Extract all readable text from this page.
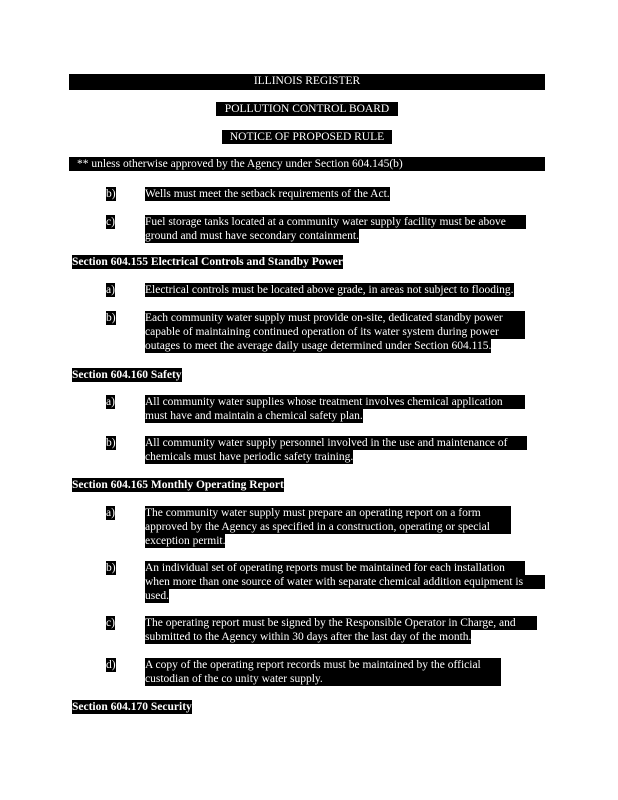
ILLINOIS REGISTER
POLLUTION CONTROL BOARD
NOTICE OF PROPOSED RULE
** unless otherwise approved by the Agency under Section 604.145(b)
b)	Wells must meet the setback requirements of the Act.
c)	Fuel storage tanks located at a community water supply facility must be above
ground and must have secondary containment.
Section 604.155 Electrical Controls and Standby Power
a)	Electrical controls must be located above grade, in areas not subject to flooding.
b)	Each community water supply must provide on-site, dedicated standby power
capable of maintaining continued operation of its water system during power
outages to meet the average daily usage determined under Section 604.115.
Section 604.160 Safety
a)	All community water supplies whose treatment involves chemical application
must have and maintain a chemical safety plan.
b)	All community water supply personnel involved in the use and maintenance of
chemicals must have periodic safety training.
Section 604.165 Monthly Operating Report
a)	The community water supply must prepare an operating report on a form
approved by the Agency as specified in a construction, operating or special
exception permit.
b)	An individual set of operating reports must be maintained for each installation
when more than one source of water with separate chemical addition equipment is
used.
c)	The operating report must be signed by the Responsible Operator in Charge, and
submitted to the Agency within 30 days after the last day of the month.
d)	A copy of the operating report records must be maintained by the official
custodian of the co unity water supply.
Section 604.170 Security
